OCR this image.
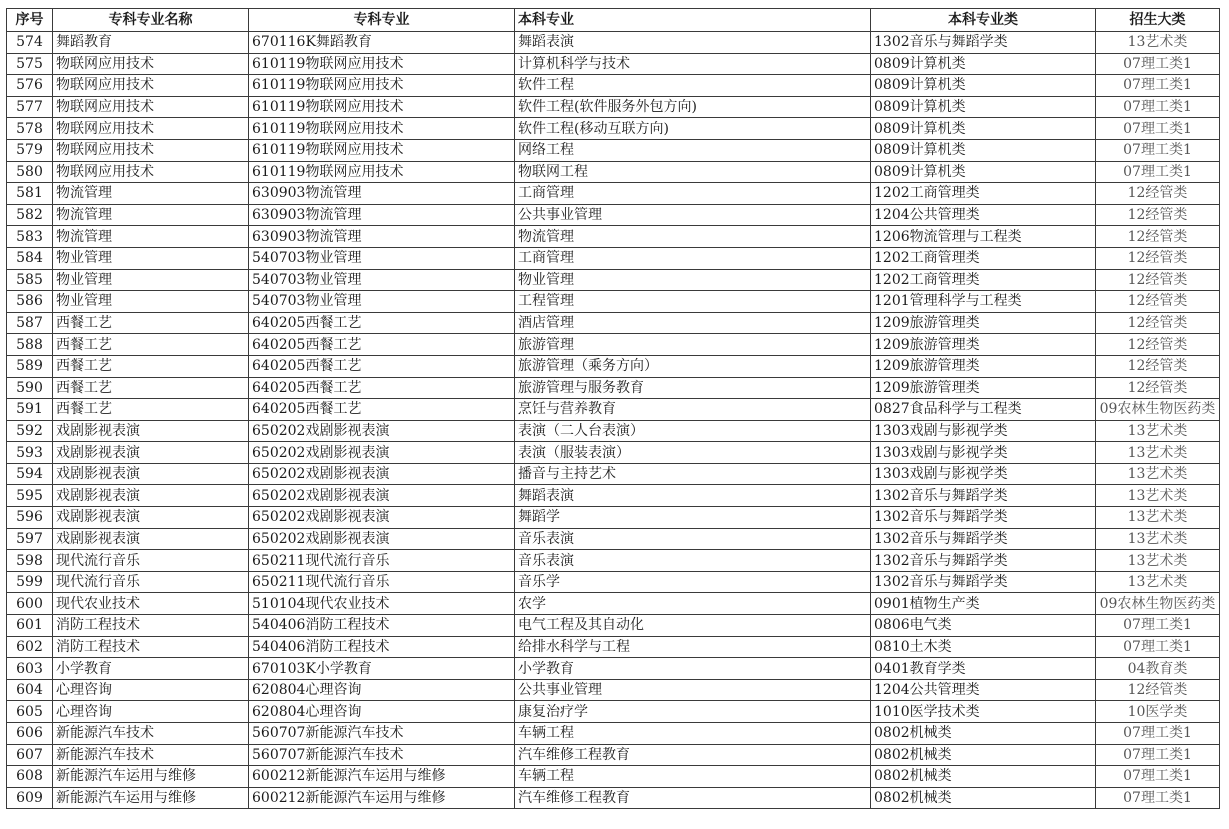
序号	专科专业名称	专科专业	本科专业	本科专业类	招生大类
574	舞蹈教育	670116K舞蹈教育	舞蹈表演	1302音乐与舞蹈学类	13艺术类
575	物联网应用技术	610119物联网应用技术	计算机科学与技术	0809计算机类	07理工类1
576	物联网应用技术	610119物联网应用技术	软件工程	0809计算机类	07理工类1
577	物联网应用技术	610119物联网应用技术	软件工程(软件服务外包方向)	0809计算机类	07理工类1
578	物联网应用技术	610119物联网应用技术	软件工程(移动互联方向)	0809计算机类	07理工类1
579	物联网应用技术	610119物联网应用技术	网络工程	0809计算机类	07理工类1
580	物联网应用技术	610119物联网应用技术	物联网工程	0809计算机类	07理工类1
581	物流管理	630903物流管理	工商管理	1202工商管理类	12经管类
582	物流管理	630903物流管理	公共事业管理	1204公共管理类	12经管类
583	物流管理	630903物流管理	物流管理	1206物流管理与工程类	12经管类
584	物业管理	540703物业管理	工商管理	1202工商管理类	12经管类
585	物业管理	540703物业管理	物业管理	1202工商管理类	12经管类
586	物业管理	540703物业管理	工程管理	1201管理科学与工程类	12经管类
587	西餐工艺	640205西餐工艺	酒店管理	1209旅游管理类	12经管类
588	西餐工艺	640205西餐工艺	旅游管理	1209旅游管理类	12经管类
589	西餐工艺	640205西餐工艺	旅游管理（乘务方向）	1209旅游管理类	12经管类
590	西餐工艺	640205西餐工艺	旅游管理与服务教育	1209旅游管理类	12经管类
591	西餐工艺	640205西餐工艺	烹饪与营养教育	0827食品科学与工程类	09农林生物医药类
592	戏剧影视表演	650202戏剧影视表演	表演（二人台表演）	1303戏剧与影视学类	13艺术类
593	戏剧影视表演	650202戏剧影视表演	表演（服装表演）	1303戏剧与影视学类	13艺术类
594	戏剧影视表演	650202戏剧影视表演	播音与主持艺术	1303戏剧与影视学类	13艺术类
595	戏剧影视表演	650202戏剧影视表演	舞蹈表演	1302音乐与舞蹈学类	13艺术类
596	戏剧影视表演	650202戏剧影视表演	舞蹈学	1302音乐与舞蹈学类	13艺术类
597	戏剧影视表演	650202戏剧影视表演	音乐表演	1302音乐与舞蹈学类	13艺术类
598	现代流行音乐	650211现代流行音乐	音乐表演	1302音乐与舞蹈学类	13艺术类
599	现代流行音乐	650211现代流行音乐	音乐学	1302音乐与舞蹈学类	13艺术类
600	现代农业技术	510104现代农业技术	农学	0901植物生产类	09农林生物医药类
601	消防工程技术	540406消防工程技术	电气工程及其自动化	0806电气类	07理工类1
602	消防工程技术	540406消防工程技术	给排水科学与工程	0810土木类	07理工类1
603	小学教育	670103K小学教育	小学教育	0401教育学类	04教育类
604	心理咨询	620804心理咨询	公共事业管理	1204公共管理类	12经管类
605	心理咨询	620804心理咨询	康复治疗学	1010医学技术类	10医学类
606	新能源汽车技术	560707新能源汽车技术	车辆工程	0802机械类	07理工类1
607	新能源汽车技术	560707新能源汽车技术	汽车维修工程教育	0802机械类	07理工类1
608	新能源汽车运用与维修	600212新能源汽车运用与维修	车辆工程	0802机械类	07理工类1
609	新能源汽车运用与维修	600212新能源汽车运用与维修	汽车维修工程教育	0802机械类	07理工类1
